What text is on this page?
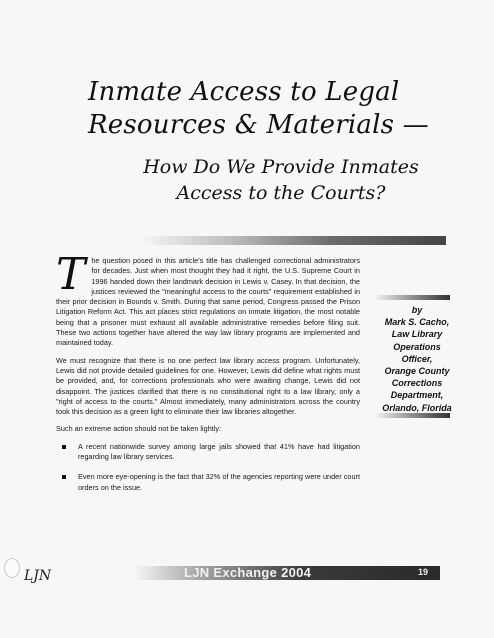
Inmate Access to Legal Resources & Materials —
How Do We Provide Inmates Access to the Courts?

The question posed in this article's title has challenged correctional administrators for decades. Just when most thought they had it right, the U.S. Supreme Court in 1996 handed down their landmark decision in Lewis v. Casey. In that decision, the justices reviewed the "meaningful access to the courts" requirement established in their prior decision in Bounds v. Smith. During that same period, Congress passed the Prison Litigation Reform Act. This act places strict regulations on inmate litigation, the most notable being that a prisoner must exhaust all available administrative remedies before filing suit. These two actions together have altered the way law library programs are implemented and maintained today.

We must recognize that there is no one perfect law library access program. Unfortunately, Lewis did not provide detailed guidelines for one. However, Lewis did define what rights must be provided, and, for corrections professionals who were awaiting change, Lewis did not disappoint. The justices clarified that there is no constitutional right to a law library, only a "right of access to the courts." Almost immediately, many administrators across the country took this decision as a green light to eliminate their law libraries altogether.

Such an extreme action should not be taken lightly:

A recent nationwide survey among large jails showed that 41% have had litigation regarding law library services.
Even more eye-opening is the fact that 32% of the agencies reporting were under court orders on the issue.
by
Mark S. Cacho,
Law Library
Operations
Officer,
Orange County
Corrections
Department,
Orlando, Florida
LJN	LJN Exchange 2004	19
